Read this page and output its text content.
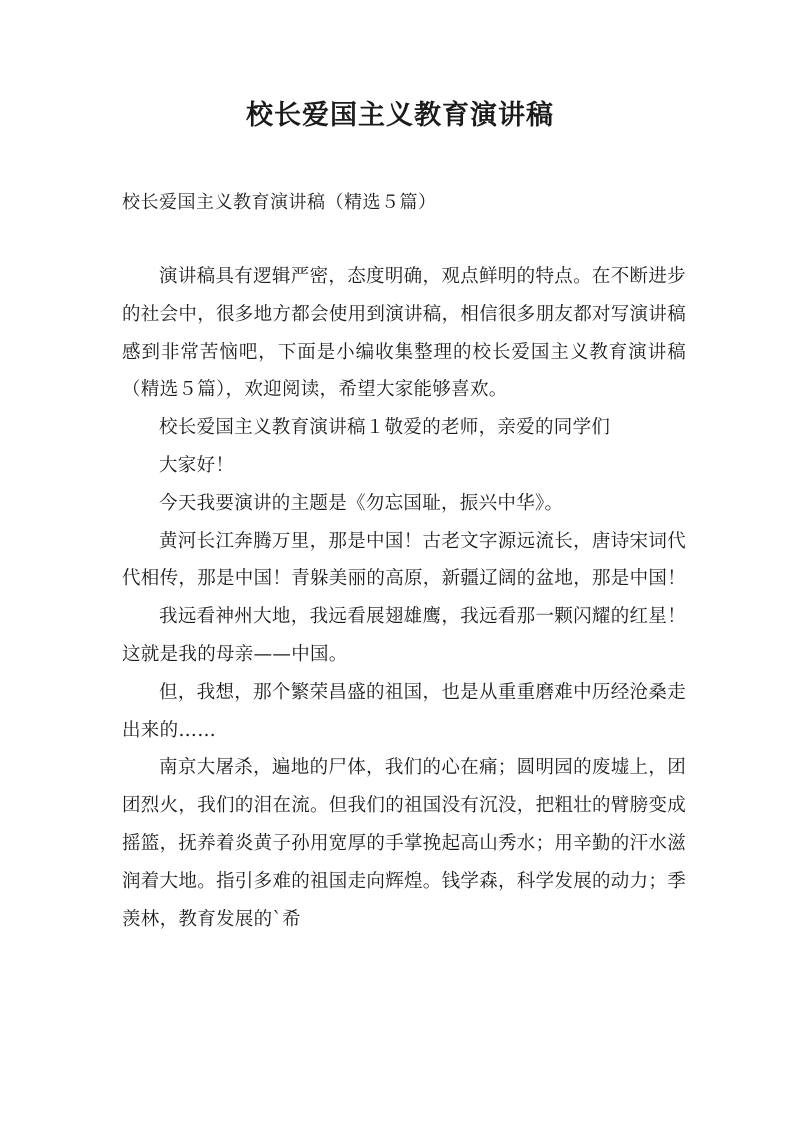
校长爱国主义教育演讲稿

校长爱国主义教育演讲稿（精选５篇）

演讲稿具有逻辑严密，态度明确，观点鲜明的特点。在不断进步的社会中，很多地方都会使用到演讲稿，相信很多朋友都对写演讲稿感到非常苦恼吧，下面是小编收集整理的校长爱国主义教育演讲稿（精选５篇），欢迎阅读，希望大家能够喜欢。

校长爱国主义教育演讲稿１敬爱的老师，亲爱的同学们

大家好！

今天我要演讲的主题是《勿忘国耻，振兴中华》。

黄河长江奔腾万里，那是中国！古老文字源远流长，唐诗宋词代代相传，那是中国！青躲美丽的高原，新疆辽阔的盆地，那是中国！

我远看神州大地，我远看展翅雄鹰，我远看那一颗闪耀的红星！这就是我的母亲——中国。

但，我想，那个繁荣昌盛的祖国，也是从重重磨难中历经沧桑走出来的……

南京大屠杀，遍地的尸体，我们的心在痛；圆明园的废墟上，团团烈火，我们的泪在流。但我们的祖国没有沉没，把粗壮的臂膀变成摇篮，抚养着炎黄子孙用宽厚的手掌挽起高山秀水；用辛勤的汗水滋润着大地。指引多难的祖国走向辉煌。钱学森，科学发展的动力；季羡林，教育发展的`希
